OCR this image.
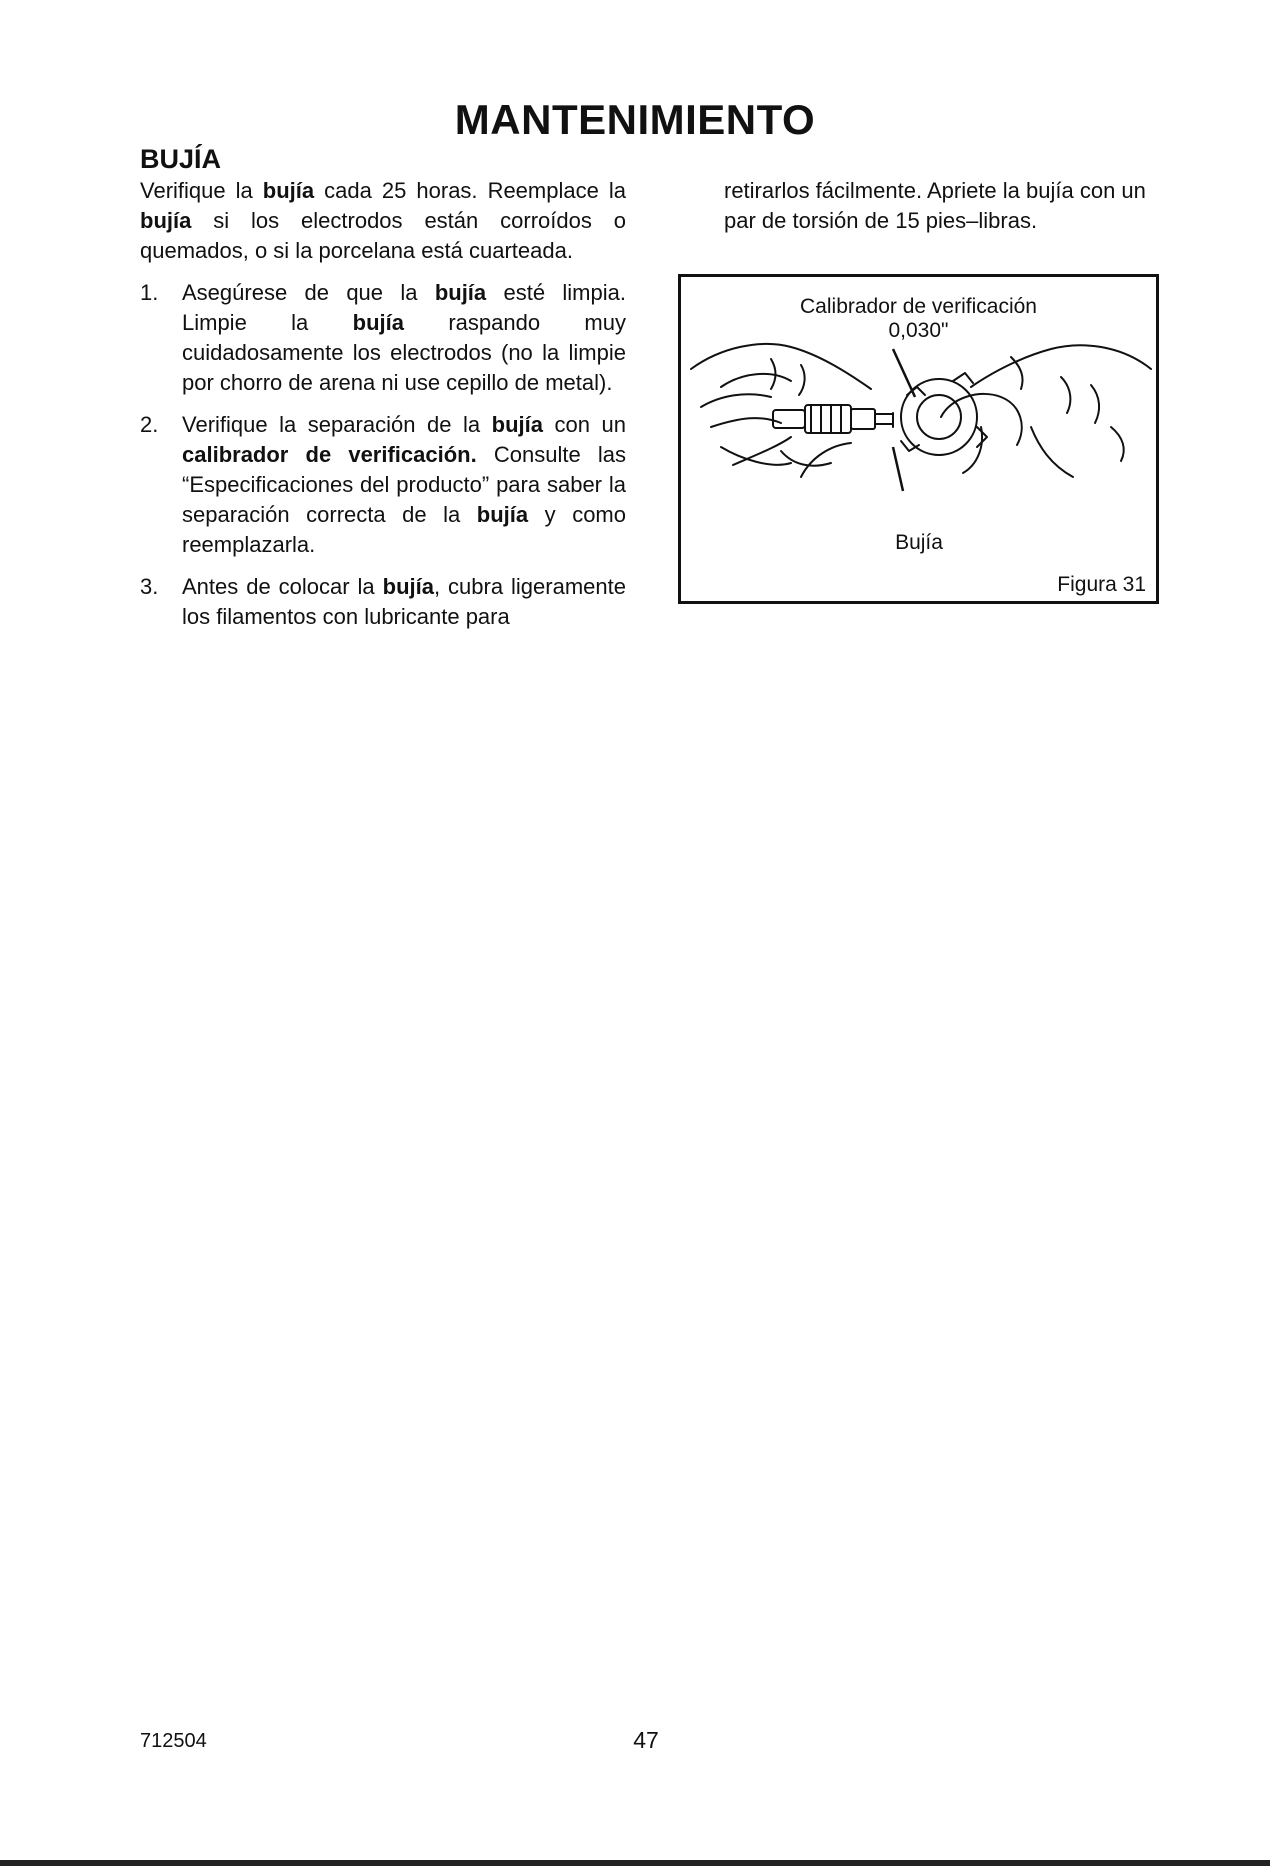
MANTENIMIENTO
BUJÍA

Verifique la bujía cada 25 horas. Reemplace la bujía si los electrodos están corroídos o quemados, o si la porcelana está cuarteada.

1. Asegúrese de que la bujía esté limpia. Limpie la bujía raspando muy cuidadosamente los electrodos (no la limpie por chorro de arena ni use cepillo de metal).
2. Verifique la separación de la bujía con un calibrador de verificación. Consulte las “Especificaciones del producto” para saber la separación correcta de la bujía y como reemplazarla.
3. Antes de colocar la bujía, cubra ligeramente los filamentos con lubricante para

retirarlos fácilmente. Apriete la bujía con un par de torsión de 15 pies–libras.

Calibrador de verificación
0,030"
Bujía
Figura 31
712504	47
